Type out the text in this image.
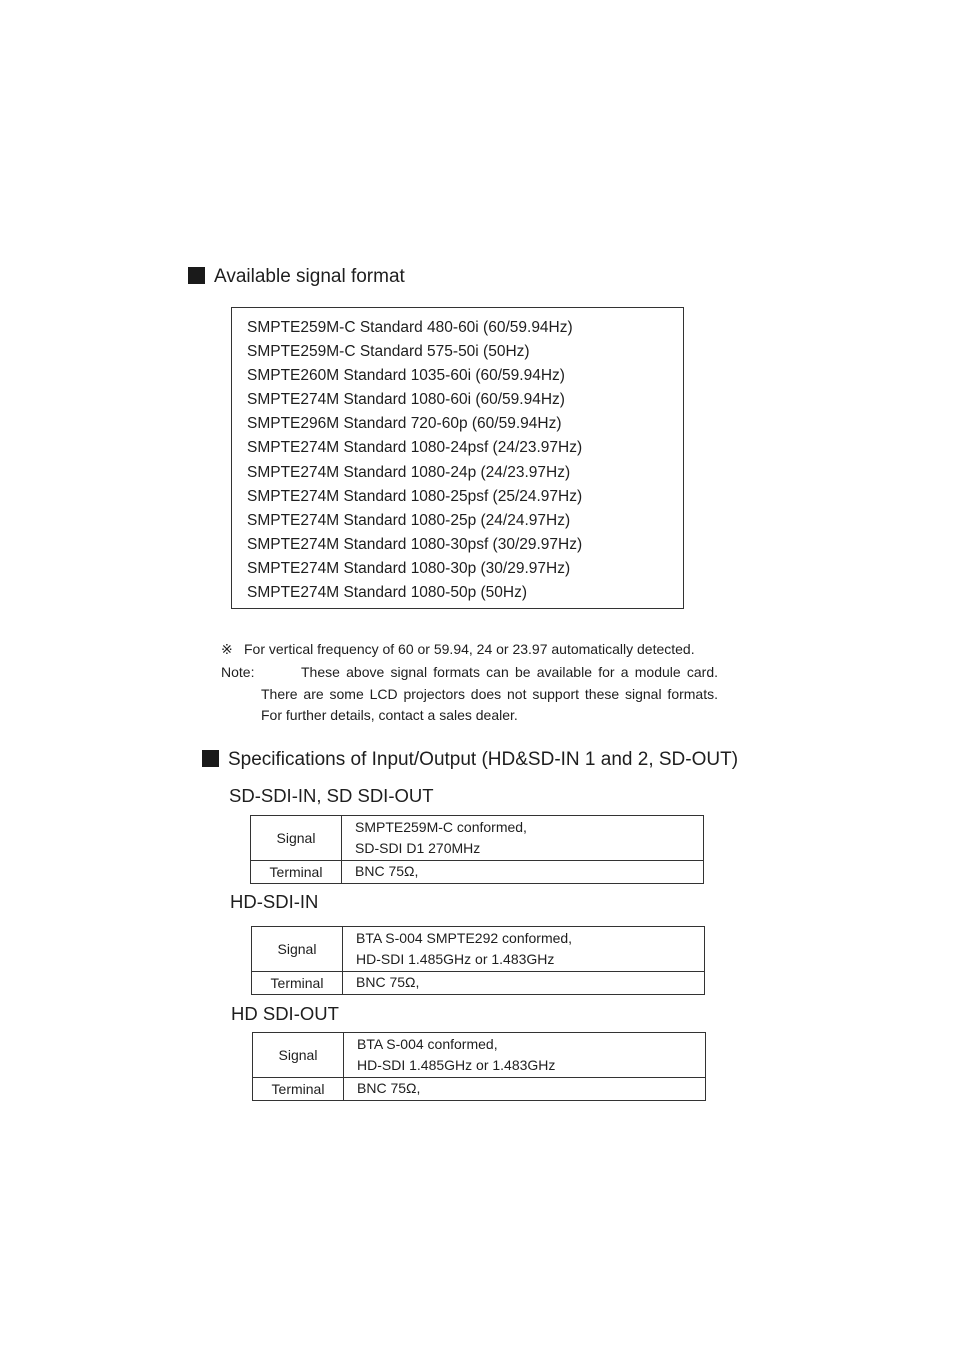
Available signal format
SMPTE259M-C Standard 480-60i (60/59.94Hz)
SMPTE259M-C Standard 575-50i (50Hz)
SMPTE260M Standard 1035-60i (60/59.94Hz)
SMPTE274M Standard 1080-60i (60/59.94Hz)
SMPTE296M Standard 720-60p (60/59.94Hz)
SMPTE274M Standard 1080-24psf (24/23.97Hz)
SMPTE274M Standard 1080-24p (24/23.97Hz)
SMPTE274M Standard 1080-25psf (25/24.97Hz)
SMPTE274M Standard 1080-25p (24/24.97Hz)
SMPTE274M Standard 1080-30psf (30/29.97Hz)
SMPTE274M Standard 1080-30p (30/29.97Hz)
SMPTE274M Standard 1080-50p (50Hz)
※ For vertical frequency of 60 or 59.94, 24 or 23.97 automatically detected.
Note:	These above signal formats can be available for a module card. There are some LCD projectors does not support these signal formats. For further details, contact a sales dealer.
Specifications of Input/Output (HD&SD-IN 1 and 2, SD-OUT)
SD-SDI-IN, SD SDI-OUT
Signal	SMPTE259M-C conformed,
SD-SDI D1 270MHz

Terminal	BNC 75Ω,
HD-SDI-IN
Signal	BTA S-004 SMPTE292 conformed,
HD-SDI 1.485GHz or 1.483GHz

Terminal	BNC 75Ω,
HD SDI-OUT
Signal	BTA S-004 conformed,
HD-SDI 1.485GHz or 1.483GHz

Terminal	BNC 75Ω,
